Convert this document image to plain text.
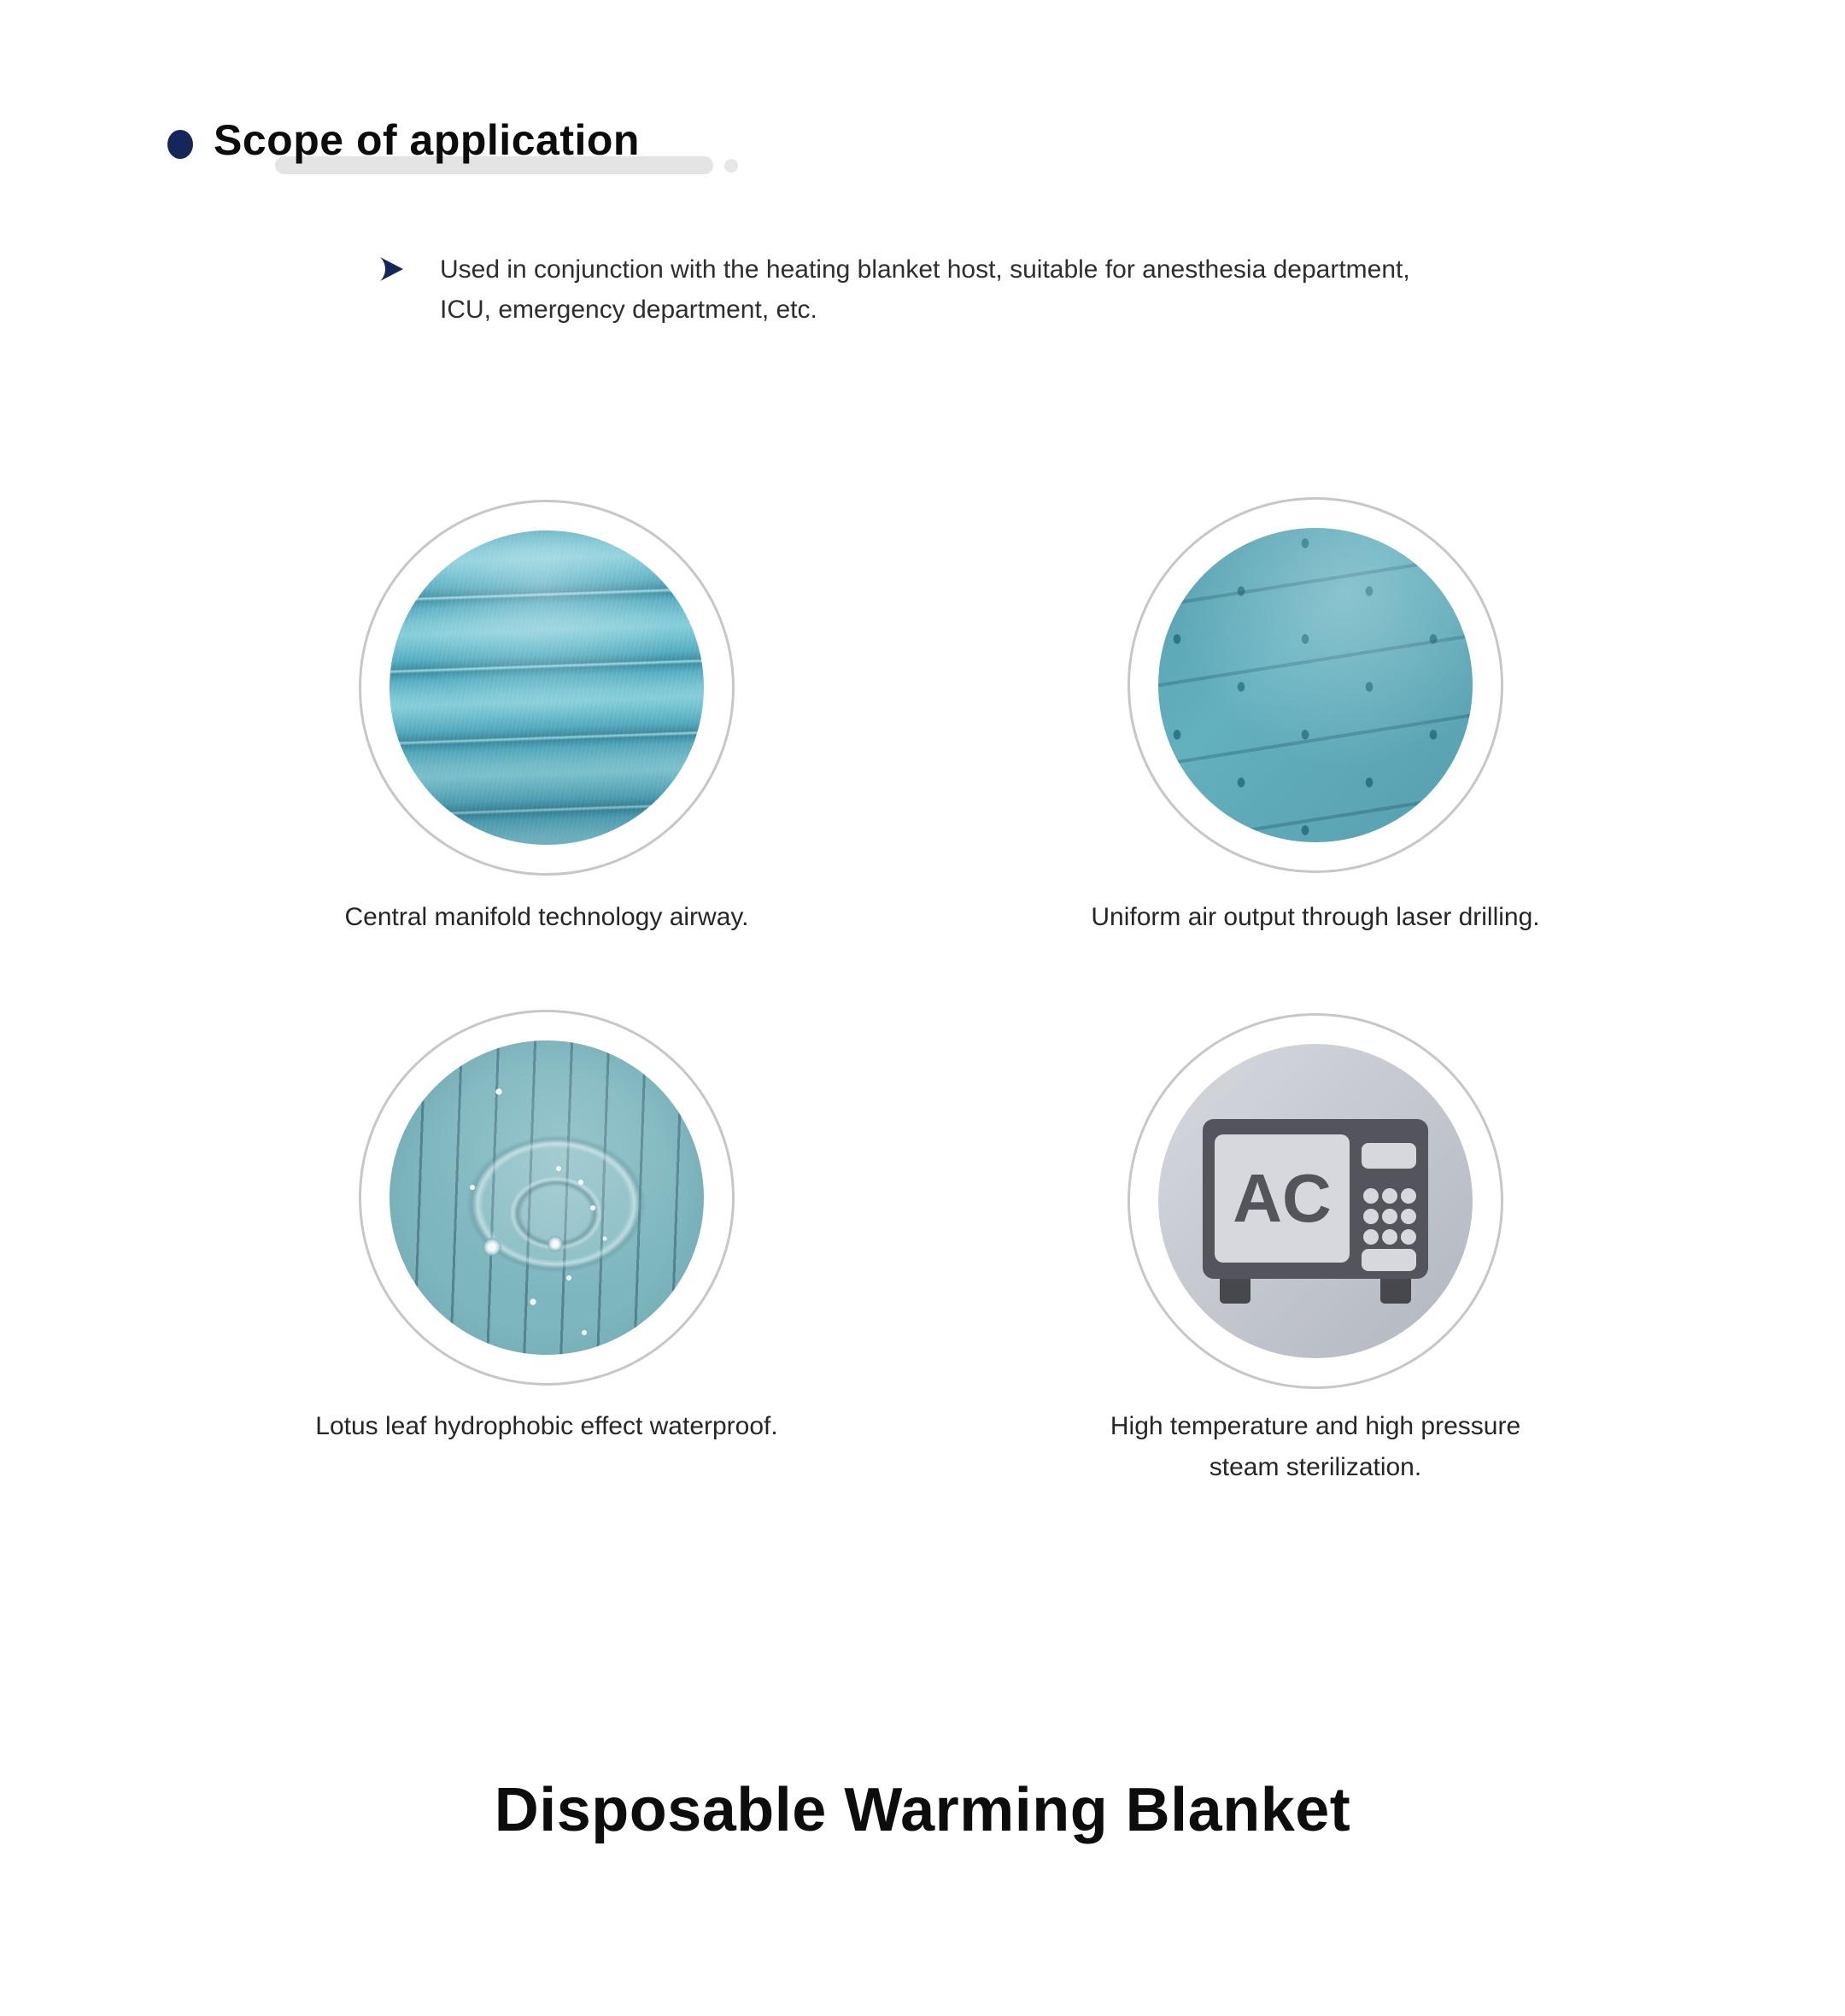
Scope of application

Used in conjunction with the heating blanket host, suitable for anesthesia department, ICU, emergency department, etc.

Central manifold technology airway.	Uniform air output through laser drilling.

Lotus leaf hydrophobic effect waterproof.

AC

High temperature and high pressure steam sterilization.

Disposable Warming Blanket
